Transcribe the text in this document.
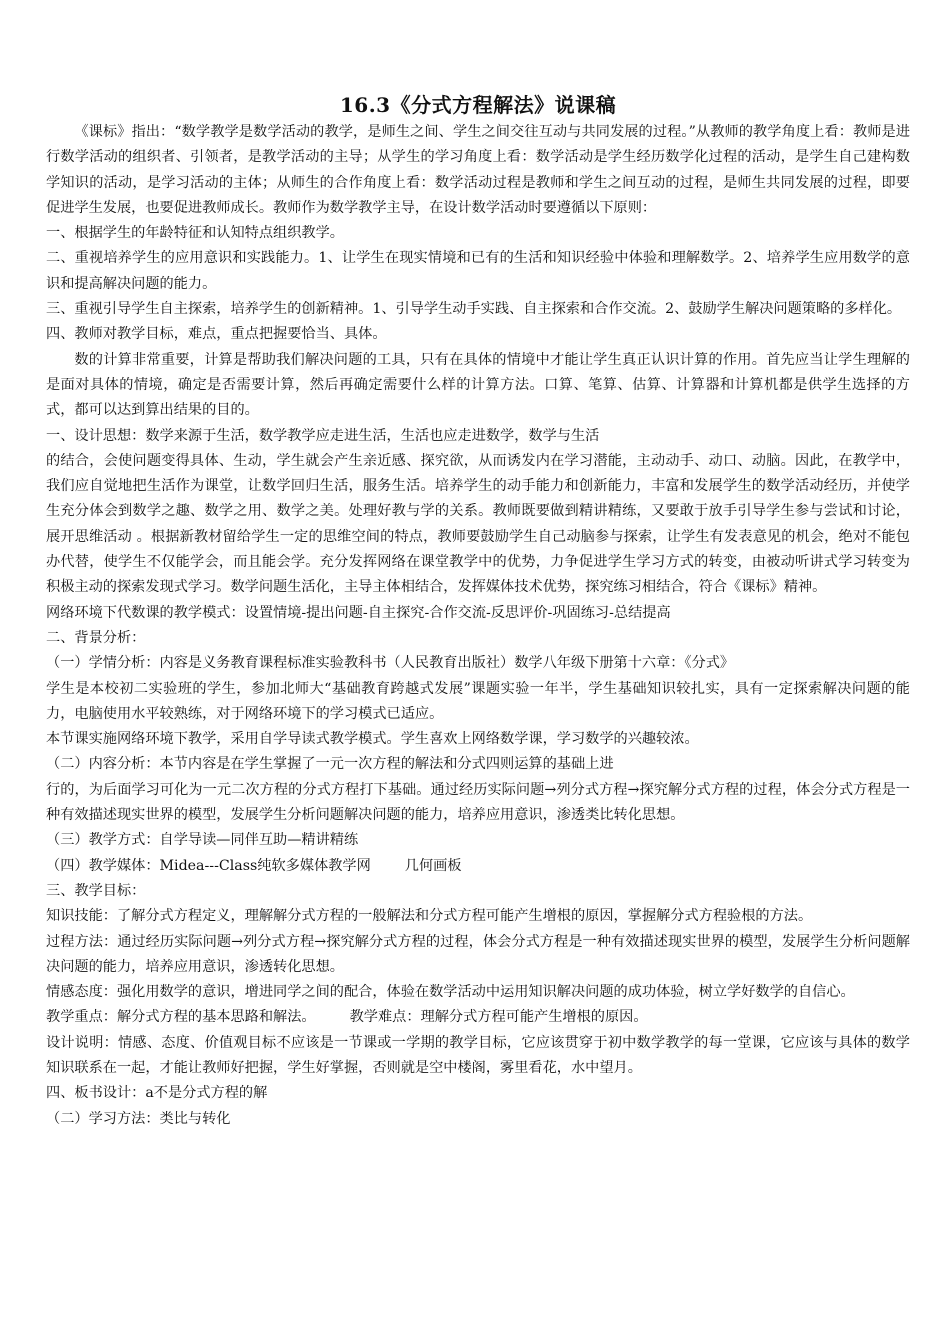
16.3《分式方程解法》说课稿

《课标》指出：“数学教学是数学活动的教学，是师生之间、学生之间交往互动与共同发展的过程。”从教师的教学角度上看：教师是进行数学活动的组织者、引领者，是教学活动的主导；从学生的学习角度上看：数学活动是学生经历数学化过程的活动，是学生自己建构数学知识的活动，是学习活动的主体；从师生的合作角度上看：数学活动过程是教师和学生之间互动的过程，是师生共同发展的过程，即要促进学生发展，也要促进教师成长。教师作为数学教学主导，在设计数学活动时要遵循以下原则：

一、根据学生的年龄特征和认知特点组织教学。

二、重视培养学生的应用意识和实践能力。1、让学生在现实情境和已有的生活和知识经验中体验和理解数学。2、培养学生应用数学的意识和提高解决问题的能力。

三、重视引导学生自主探索，培养学生的创新精神。1、引导学生动手实践、自主探索和合作交流。2、鼓励学生解决问题策略的多样化。

四、教师对教学目标，难点，重点把握要恰当、具体。

数的计算非常重要，计算是帮助我们解决问题的工具，只有在具体的情境中才能让学生真正认识计算的作用。首先应当让学生理解的是面对具体的情境，确定是否需要计算，然后再确定需要什么样的计算方法。口算、笔算、估算、计算器和计算机都是供学生选择的方式，都可以达到算出结果的目的。

一、设计思想：数学来源于生活，数学教学应走进生活，生活也应走进数学，数学与生活

的结合，会使问题变得具体、生动，学生就会产生亲近感、探究欲，从而诱发内在学习潜能，主动动手、动口、动脑。因此，在教学中，我们应自觉地把生活作为课堂，让数学回归生活，服务生活。培养学生的动手能力和创新能力，丰富和发展学生的数学活动经历，并使学生充分体会到数学之趣、数学之用、数学之美。处理好教与学的关系。教师既要做到精讲精练，又要敢于放手引导学生参与尝试和讨论，展开思维活动 。根据新教材留给学生一定的思维空间的特点，教师要鼓励学生自己动脑参与探索，让学生有发表意见的机会，绝对不能包办代替，使学生不仅能学会，而且能会学。充分发挥网络在课堂教学中的优势，力争促进学生学习方式的转变，由被动听讲式学习转变为积极主动的探索发现式学习。数学问题生活化，主导主体相结合，发挥媒体技术优势，探究练习相结合，符合《课标》精神。

网络环境下代数课的教学模式：设置情境-提出问题-自主探究-合作交流-反思评价-巩固练习-总结提高

二、背景分析：

（一）学情分析：内容是义务教育课程标准实验教科书（人民教育出版社）数学八年级下册第十六章：《分式》

学生是本校初二实验班的学生，参加北师大“基础教育跨越式发展”课题实验一年半，学生基础知识较扎实，具有一定探索解决问题的能力，电脑使用水平较熟练，对于网络环境下的学习模式已适应。

本节课实施网络环境下教学，采用自学导读式教学模式。学生喜欢上网络数学课，学习数学的兴趣较浓。

（二）内容分析：本节内容是在学生掌握了一元一次方程的解法和分式四则运算的基础上进

行的，为后面学习可化为一元二次方程的分式方程打下基础。通过经历实际问题→列分式方程→探究解分式方程的过程，体会分式方程是一种有效描述现实世界的模型，发展学生分析问题解决问题的能力，培养应用意识，渗透类比转化思想。

（三）教学方式：自学导读—同伴互助—精讲精练

（四）教学媒体：Midea---Class纯软多媒体教学网 几何画板

三、教学目标：

知识技能：了解分式方程定义，理解解分式方程的一般解法和分式方程可能产生增根的原因，掌握解分式方程验根的方法。

过程方法：通过经历实际问题→列分式方程→探究解分式方程的过程，体会分式方程是一种有效描述现实世界的模型，发展学生分析问题解决问题的能力，培养应用意识，渗透转化思想。

情感态度：强化用数学的意识，增进同学之间的配合，体验在数学活动中运用知识解决问题的成功体验，树立学好数学的自信心。

教学重点：解分式方程的基本思路和解法。 教学难点：理解分式方程可能产生增根的原因。

设计说明：情感、态度、价值观目标不应该是一节课或一学期的教学目标，它应该贯穿于初中数学教学的每一堂课，它应该与具体的数学知识联系在一起，才能让教师好把握，学生好掌握，否则就是空中楼阁，雾里看花，水中望月。

四、板书设计：a不是分式方程的解

（二）学习方法：类比与转化
